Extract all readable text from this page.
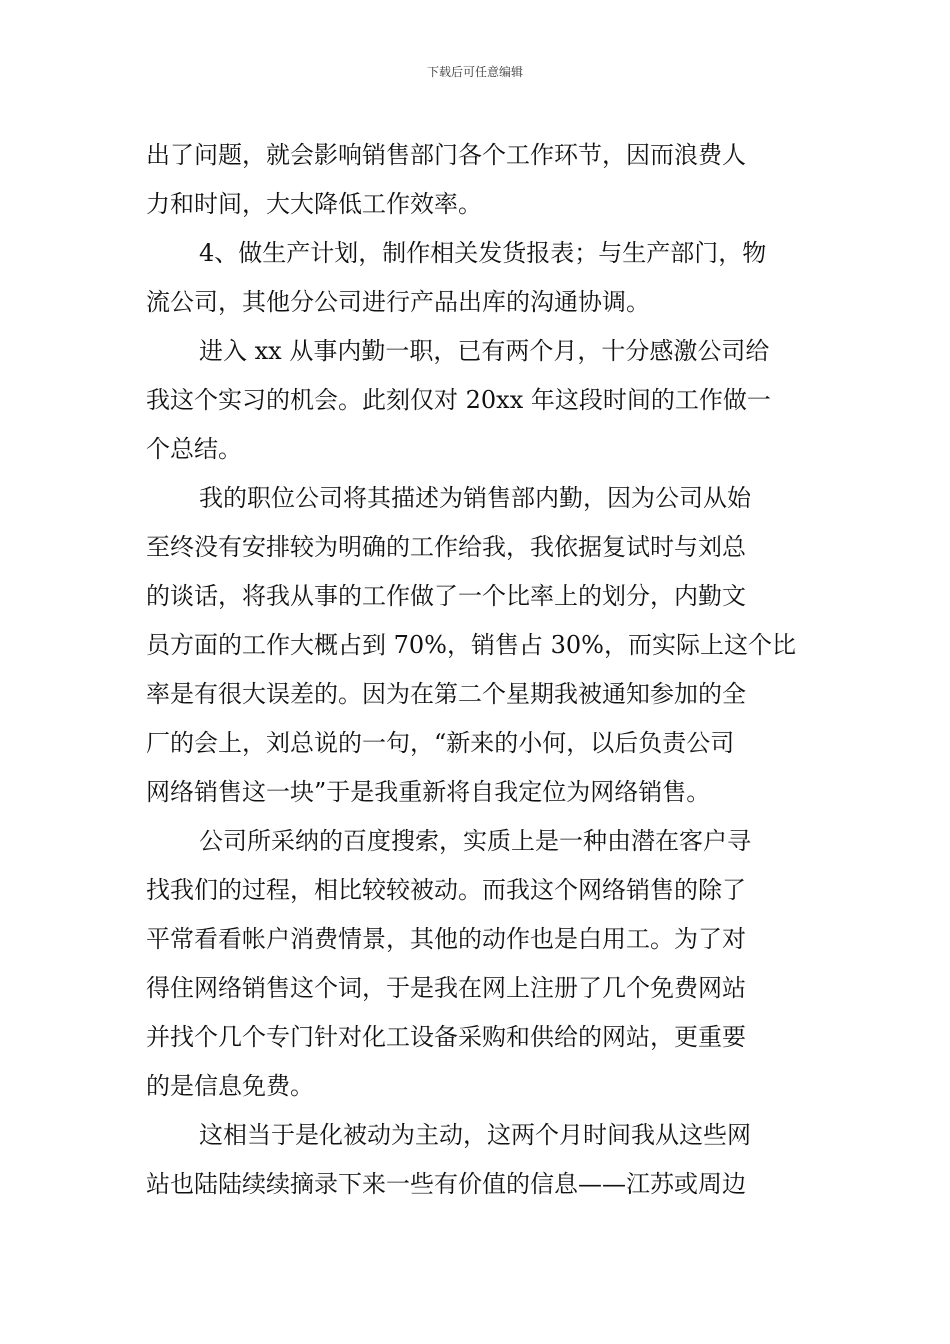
下载后可任意编辑
出了问题，就会影响销售部门各个工作环节，因而浪费人
力和时间，大大降低工作效率。
4、做生产计划，制作相关发货报表；与生产部门，物
流公司，其他分公司进行产品出库的沟通协调。
进入 xx 从事内勤一职，已有两个月，十分感激公司给
我这个实习的机会。此刻仅对 20xx 年这段时间的工作做一
个总结。
我的职位公司将其描述为销售部内勤，因为公司从始
至终没有安排较为明确的工作给我，我依据复试时与刘总
的谈话，将我从事的工作做了一个比率上的划分，内勤文
员方面的工作大概占到 70%，销售占 30%，而实际上这个比
率是有很大误差的。因为在第二个星期我被通知参加的全
厂的会上，刘总说的一句，“新来的小何，以后负责公司
网络销售这一块”于是我重新将自我定位为网络销售。
公司所采纳的百度搜索，实质上是一种由潜在客户寻
找我们的过程，相比较较被动。而我这个网络销售的除了
平常看看帐户消费情景，其他的动作也是白用工。为了对
得住网络销售这个词，于是我在网上注册了几个免费网站
并找个几个专门针对化工设备采购和供给的网站，更重要
的是信息免费。
这相当于是化被动为主动，这两个月时间我从这些网
站也陆陆续续摘录下来一些有价值的信息——江苏或周边
